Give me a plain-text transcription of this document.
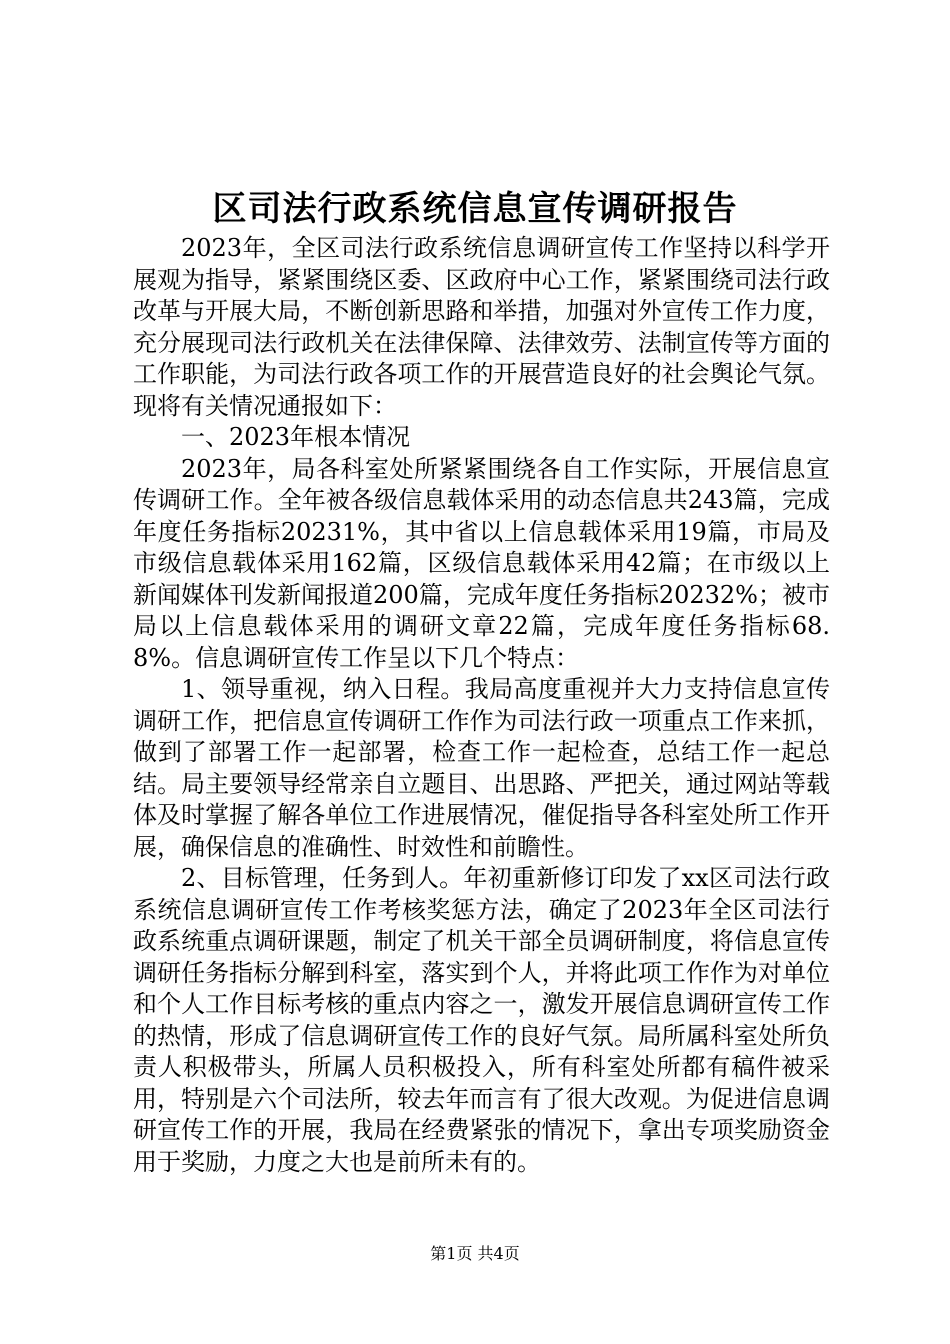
区司法行政系统信息宣传调研报告

2023年，全区司法行政系统信息调研宣传工作坚持以科学开展观为指导，紧紧围绕区委、区政府中心工作，紧紧围绕司法行政改革与开展大局，不断创新思路和举措，加强对外宣传工作力度，充分展现司法行政机关在法律保障、法律效劳、法制宣传等方面的工作职能，为司法行政各项工作的开展营造良好的社会舆论气氛。现将有关情况通报如下：

一、2023年根本情况

2023年，局各科室处所紧紧围绕各自工作实际，开展信息宣传调研工作。全年被各级信息载体采用的动态信息共243篇，完成年度任务指标20231%，其中省以上信息载体采用19篇，市局及市级信息载体采用162篇，区级信息载体采用42篇；在市级以上新闻媒体刊发新闻报道200篇，完成年度任务指标20232%；被市局以上信息载体采用的调研文章22篇，完成年度任务指标68.8%。信息调研宣传工作呈以下几个特点：

1、领导重视，纳入日程。我局高度重视并大力支持信息宣传调研工作，把信息宣传调研工作作为司法行政一项重点工作来抓，做到了部署工作一起部署，检查工作一起检查，总结工作一起总结。局主要领导经常亲自立题目、出思路、严把关，通过网站等载体及时掌握了解各单位工作进展情况，催促指导各科室处所工作开展，确保信息的准确性、时效性和前瞻性。

2、目标管理，任务到人。年初重新修订印发了xx区司法行政系统信息调研宣传工作考核奖惩方法，确定了2023年全区司法行政系统重点调研课题，制定了机关干部全员调研制度，将信息宣传调研任务指标分解到科室，落实到个人，并将此项工作作为对单位和个人工作目标考核的重点内容之一，激发开展信息调研宣传工作的热情，形成了信息调研宣传工作的良好气氛。局所属科室处所负责人积极带头，所属人员积极投入，所有科室处所都有稿件被采用，特别是六个司法所，较去年而言有了很大改观。为促进信息调研宣传工作的开展，我局在经费紧张的情况下，拿出专项奖励资金用于奖励，力度之大也是前所未有的。

第1页 共4页
